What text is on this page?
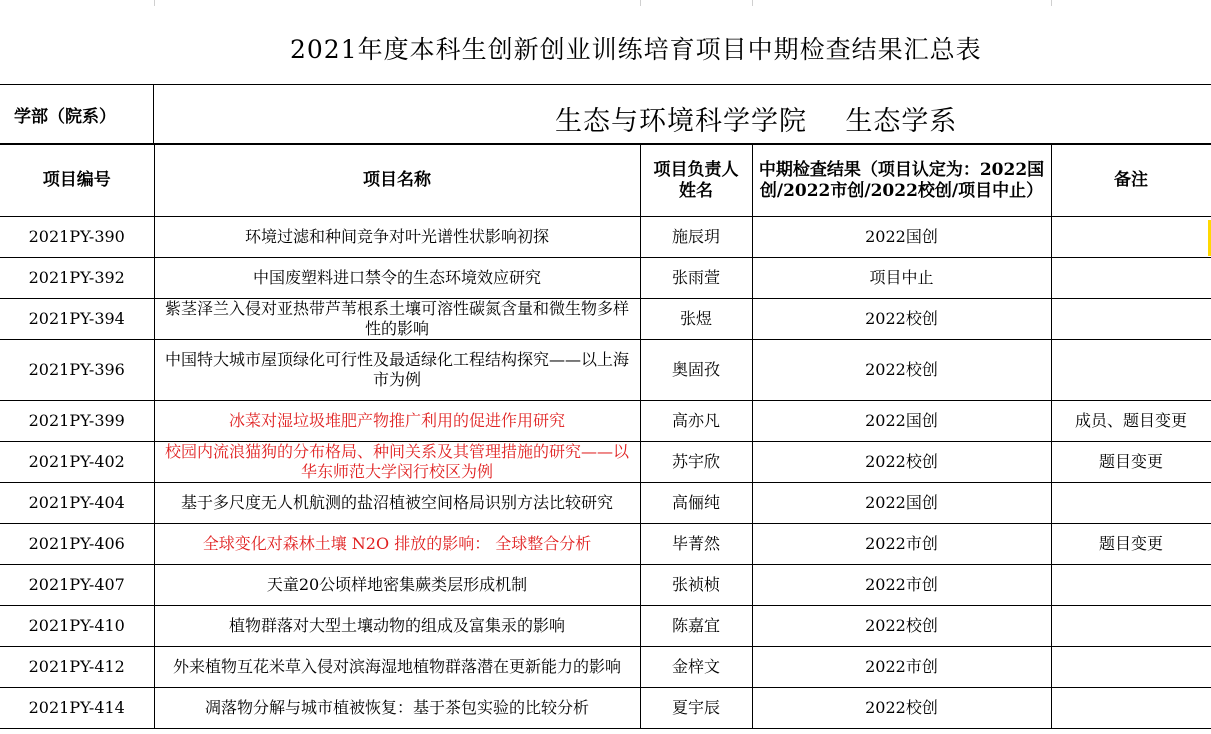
2021年度本科生创新创业训练培育项目中期检查结果汇总表
学部（院系）	生态与环境科学学院    生态学系
项目编号	项目名称	项目负责人姓名	中期检查结果（项目认定为：2022国创/2022市创/2022校创/项目中止）	备注
2021PY-390	环境过滤和种间竞争对叶光谱性状影响初探	施辰玥	2022国创	
2021PY-392	中国废塑料进口禁令的生态环境效应研究	张雨萱	项目中止	
2021PY-394	紫茎泽兰入侵对亚热带芦苇根系土壤可溶性碳氮含量和微生物多样性的影响	张煜	2022校创	
2021PY-396	中国特大城市屋顶绿化可行性及最适绿化工程结构探究——以上海市为例	奥固孜	2022校创	
2021PY-399	冰菜对湿垃圾堆肥产物推广利用的促进作用研究	高亦凡	2022国创	成员、题目变更
2021PY-402	校园内流浪猫狗的分布格局、种间关系及其管理措施的研究——以华东师范大学闵行校区为例	苏宇欣	2022校创	题目变更
2021PY-404	基于多尺度无人机航测的盐沼植被空间格局识别方法比较研究	高俪纯	2022国创	
2021PY-406	全球变化对森林土壤 N2O 排放的影响： 全球整合分析	毕菁然	2022市创	题目变更
2021PY-407	天童20公顷样地密集蕨类层形成机制	张祯桢	2022市创	
2021PY-410	植物群落对大型土壤动物的组成及富集汞的影响	陈嘉宜	2022校创	
2021PY-412	外来植物互花米草入侵对滨海湿地植物群落潜在更新能力的影响	金梓文	2022市创	
2021PY-414	凋落物分解与城市植被恢复：基于茶包实验的比较分析	夏宇辰	2022校创	
